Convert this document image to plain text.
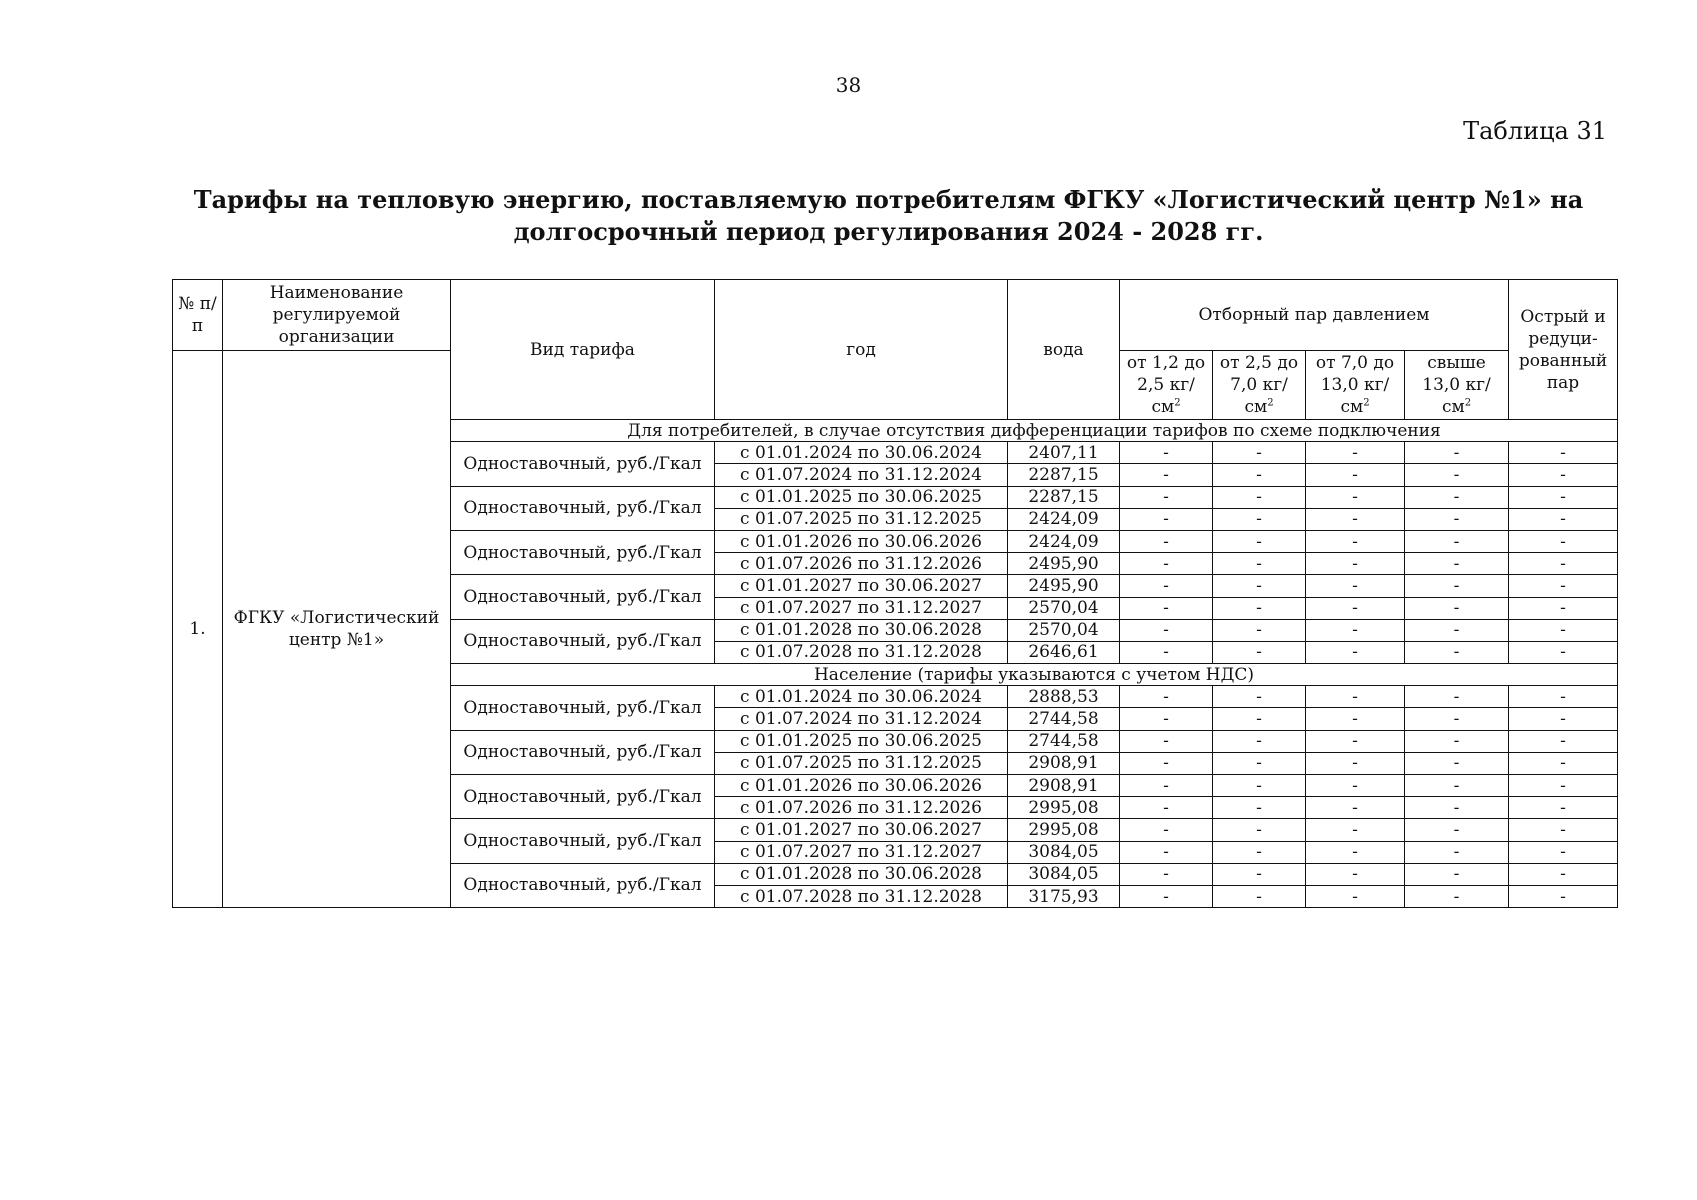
38
Таблица 31
Тарифы на тепловую энергию, поставляемую потребителям ФГКУ «Логистический центр №1» на
долгосрочный период регулирования 2024 - 2028 гг.
№ п/п	Наименование регулируемой организации	Вид тарифа	год	вода	Отборный пар давлением				Острый и редуци- рованный пар
1.	ФГКУ «Логистический центр №1»				от 1,2 до 2,5 $кг/см^2$	от 2,5 до 7,0 $кг/см^2$	от 7,0 до 13,0 $кг/см^2$	свыше 13,0 $кг/см^2$
		Для потребителей, в случае отсутствия дифференциации тарифов по схеме подключения							
		Одноставочный, руб./Гкал	с 01.01.2024 по 30.06.2024	2407,11	-	-	-	-	-
			с 01.07.2024 по 31.12.2024	2287,15	-	-	-	-	-
		Одноставочный, руб./Гкал	с 01.01.2025 по 30.06.2025	2287,15	-	-	-	-	-
			с 01.07.2025 по 31.12.2025	2424,09	-	-	-	-	-
		Одноставочный, руб./Гкал	с 01.01.2026 по 30.06.2026	2424,09	-	-	-	-	-
			с 01.07.2026 по 31.12.2026	2495,90	-	-	-	-	-
		Одноставочный, руб./Гкал	с 01.01.2027 по 30.06.2027	2495,90	-	-	-	-	-
			с 01.07.2027 по 31.12.2027	2570,04	-	-	-	-	-
		Одноставочный, руб./Гкал	с 01.01.2028 по 30.06.2028	2570,04	-	-	-	-	-
			с 01.07.2028 по 31.12.2028	2646,61	-	-	-	-	-
		Население (тарифы указываются с учетом НДС)							
		Одноставочный, руб./Гкал	с 01.01.2024 по 30.06.2024	2888,53	-	-	-	-	-
			с 01.07.2024 по 31.12.2024	2744,58	-	-	-	-	-
		Одноставочный, руб./Гкал	с 01.01.2025 по 30.06.2025	2744,58	-	-	-	-	-
			с 01.07.2025 по 31.12.2025	2908,91	-	-	-	-	-
		Одноставочный, руб./Гкал	с 01.01.2026 по 30.06.2026	2908,91	-	-	-	-	-
			с 01.07.2026 по 31.12.2026	2995,08	-	-	-	-	-
		Одноставочный, руб./Гкал	с 01.01.2027 по 30.06.2027	2995,08	-	-	-	-	-
			с 01.07.2027 по 31.12.2027	3084,05	-	-	-	-	-
		Одноставочный, руб./Гкал	с 01.01.2028 по 30.06.2028	3084,05	-	-	-	-	-
			с 01.07.2028 по 31.12.2028	3175,93	-	-	-	-	-
